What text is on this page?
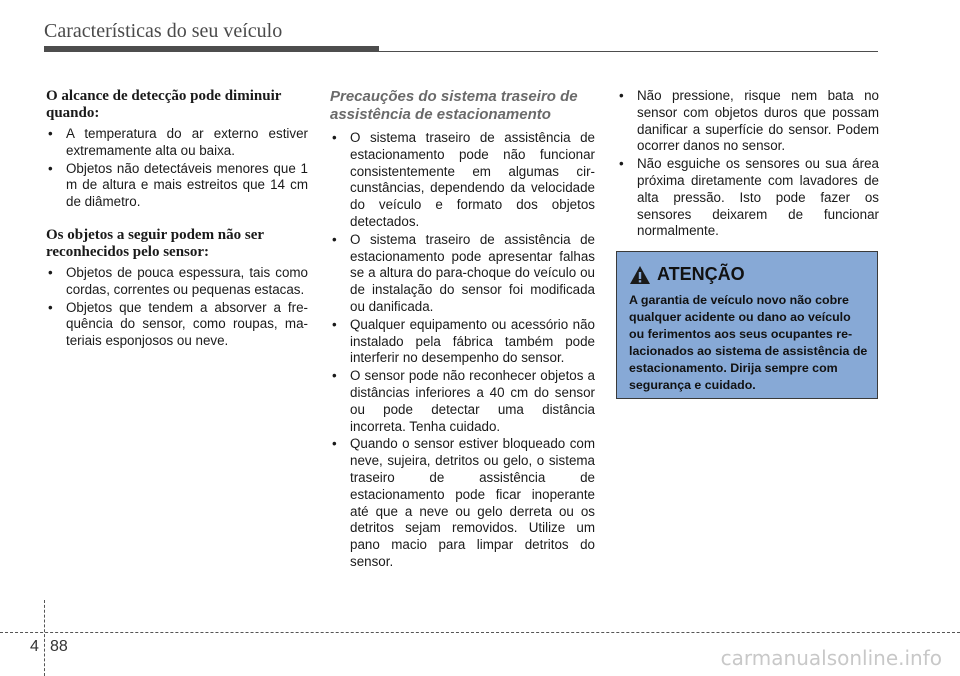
Características do seu veículo
O alcance de detecção pode diminuir quando:
• A temperatura do ar externo estiver extremamente alta ou baixa.
• Objetos não detectáveis menores que 1 m de altura e mais estreitos que 14 cm de diâmetro.
Os objetos a seguir podem não ser reconhecidos pelo sensor:
• Objetos de pouca espessura, tais como cordas, correntes ou pequenas estacas.
• Objetos que tendem a absorver a frequência do sensor, como roupas, materiais esponjosos ou neve.
Precauções do sistema traseiro de assistência de estacionamento
• O sistema traseiro de assistência de estacionamento pode não funcionar consistentemente em algumas circunstâncias, dependendo da velocidade do veículo e formato dos objetos detectados.
• O sistema traseiro de assistência de estacionamento pode apresentar falhas se a altura do para-choque do veículo ou de instalação do sensor foi modificada ou danificada.
• Qualquer equipamento ou acessório não instalado pela fábrica também pode interferir no desempenho do sensor.
• O sensor pode não reconhecer objetos a distâncias inferiores a 40 cm do sensor ou pode detectar uma distância incorreta. Tenha cuidado.
• Quando o sensor estiver bloqueado com neve, sujeira, detritos ou gelo, o sistema traseiro de assistência de estacionamento pode ficar inoperante até que a neve ou gelo derreta ou os detritos sejam removidos. Utilize um pano macio para limpar detritos do sensor.
• Não pressione, risque nem bata no sensor com objetos duros que possam danificar a superfície do sensor. Podem ocorrer danos no sensor.
• Não esguiche os sensores ou sua área próxima diretamente com lavadores de alta pressão. Isto pode fazer os sensores deixarem de funcionar normalmente.
ATENÇÃO
A garantia de veículo novo não cobre qualquer acidente ou dano ao veículo ou ferimentos aos seus ocupantes relacionados ao sistema de assistência de estacionamento. Dirija sempre com segurança e cuidado.
4 88	carmanualsonline.info
